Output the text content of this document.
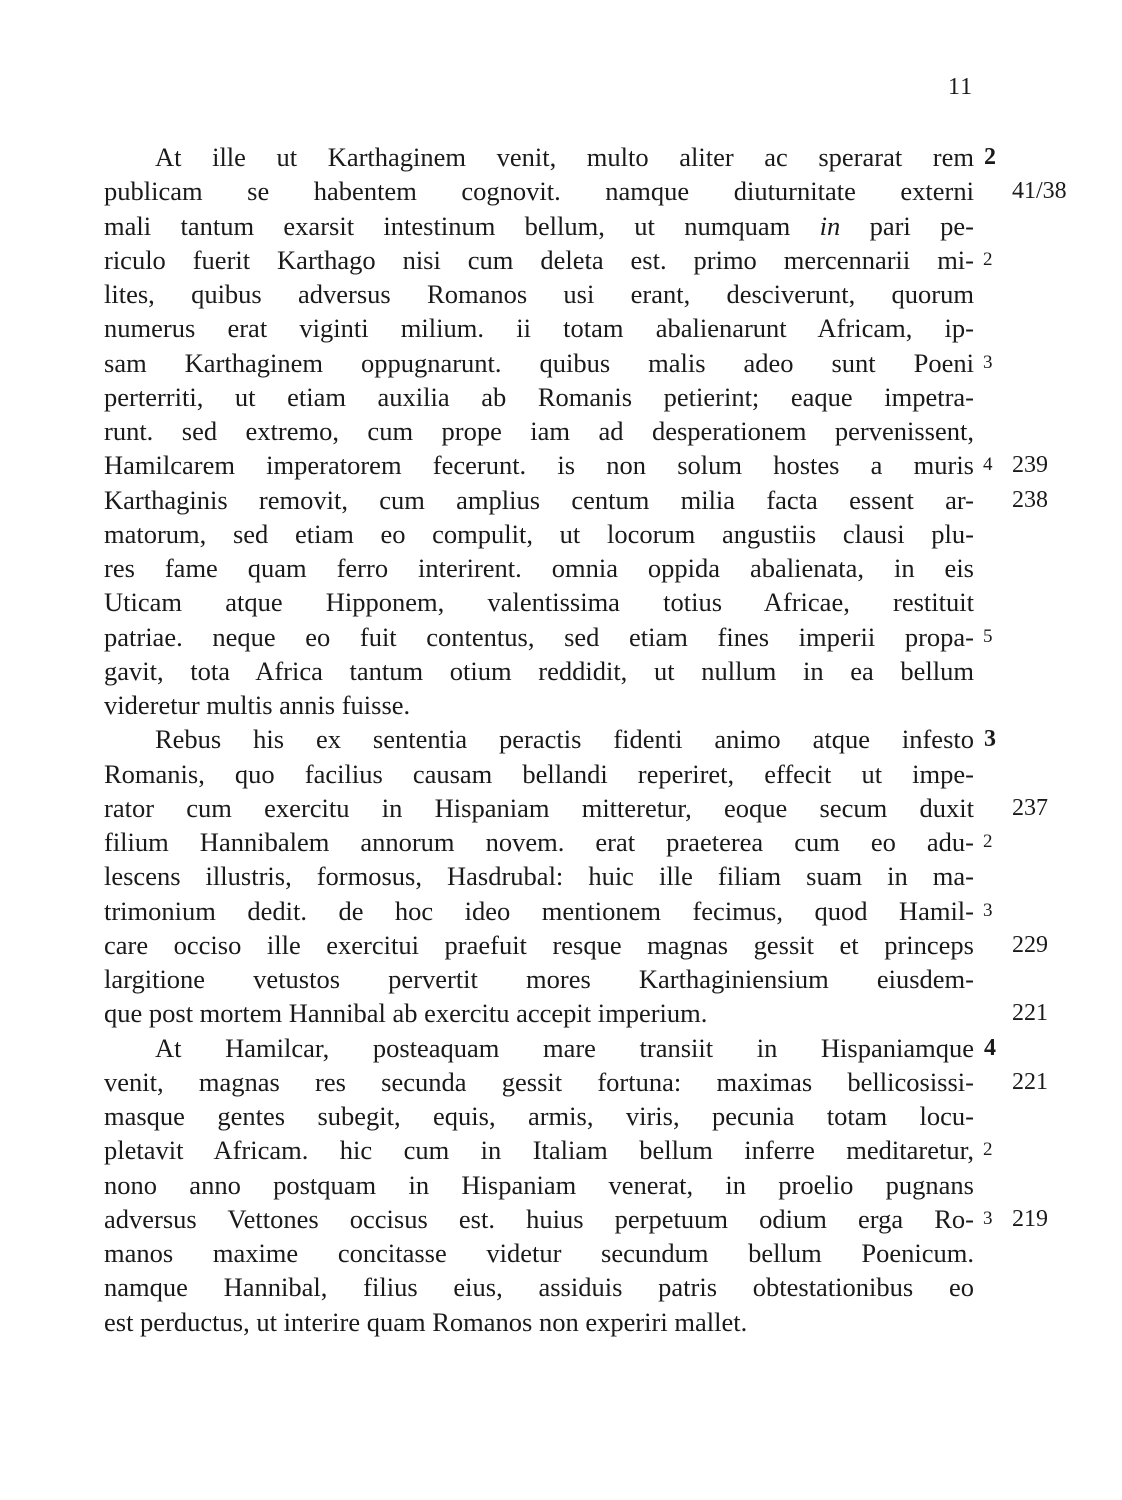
11
At ille ut Karthaginem venit, multo aliter ac sperarat rem 2
publicam se habentem cognovit. namque diuturnitate externi 41/38
mali tantum exarsit intestinum bellum, ut numquam in pari pe-
riculo fuerit Karthago nisi cum deleta est. primo mercennarii mi- 2
lites, quibus adversus Romanos usi erant, desciverunt, quorum
numerus erat viginti milium. ii totam abalienarunt Africam, ip-
sam Karthaginem oppugnarunt. quibus malis adeo sunt Poeni 3
perterriti, ut etiam auxilia ab Romanis petierint; eaque impetra-
runt. sed extremo, cum prope iam ad desperationem pervenissent,
Hamilcarem imperatorem fecerunt. is non solum hostes a muris 4 239
Karthaginis removit, cum amplius centum milia facta essent ar- 238
matorum, sed etiam eo compulit, ut locorum angustiis clausi plu-
res fame quam ferro interirent. omnia oppida abalienata, in eis
Uticam atque Hipponem, valentissima totius Africae, restituit
patriae. neque eo fuit contentus, sed etiam fines imperii propa- 5
gavit, tota Africa tantum otium reddidit, ut nullum in ea bellum
videretur multis annis fuisse.
Rebus his ex sententia peractis fidenti animo atque infesto 3
Romanis, quo facilius causam bellandi reperiret, effecit ut impe-
rator cum exercitu in Hispaniam mitteretur, eoque secum duxit 237
filium Hannibalem annorum novem. erat praeterea cum eo adu- 2
lescens illustris, formosus, Hasdrubal: huic ille filiam suam in ma-
trimonium dedit. de hoc ideo mentionem fecimus, quod Hamil- 3
care occiso ille exercitui praefuit resque magnas gessit et princeps 229
largitione vetustos pervertit mores Karthaginiensium eiusdem-
que post mortem Hannibal ab exercitu accepit imperium.	221
At Hamilcar, posteaquam mare transiit in Hispaniamque 4
venit, magnas res secunda gessit fortuna: maximas bellicosissi- 221
masque gentes subegit, equis, armis, viris, pecunia totam locu-
pletavit Africam. hic cum in Italiam bellum inferre meditaretur, 2
nono anno postquam in Hispaniam venerat, in proelio pugnans
adversus Vettones occisus est. huius perpetuum odium erga Ro- 3 219
manos maxime concitasse videtur secundum bellum Poenicum.
namque Hannibal, filius eius, assiduis patris obtestationibus eo
est perductus, ut interire quam Romanos non experiri mallet.
